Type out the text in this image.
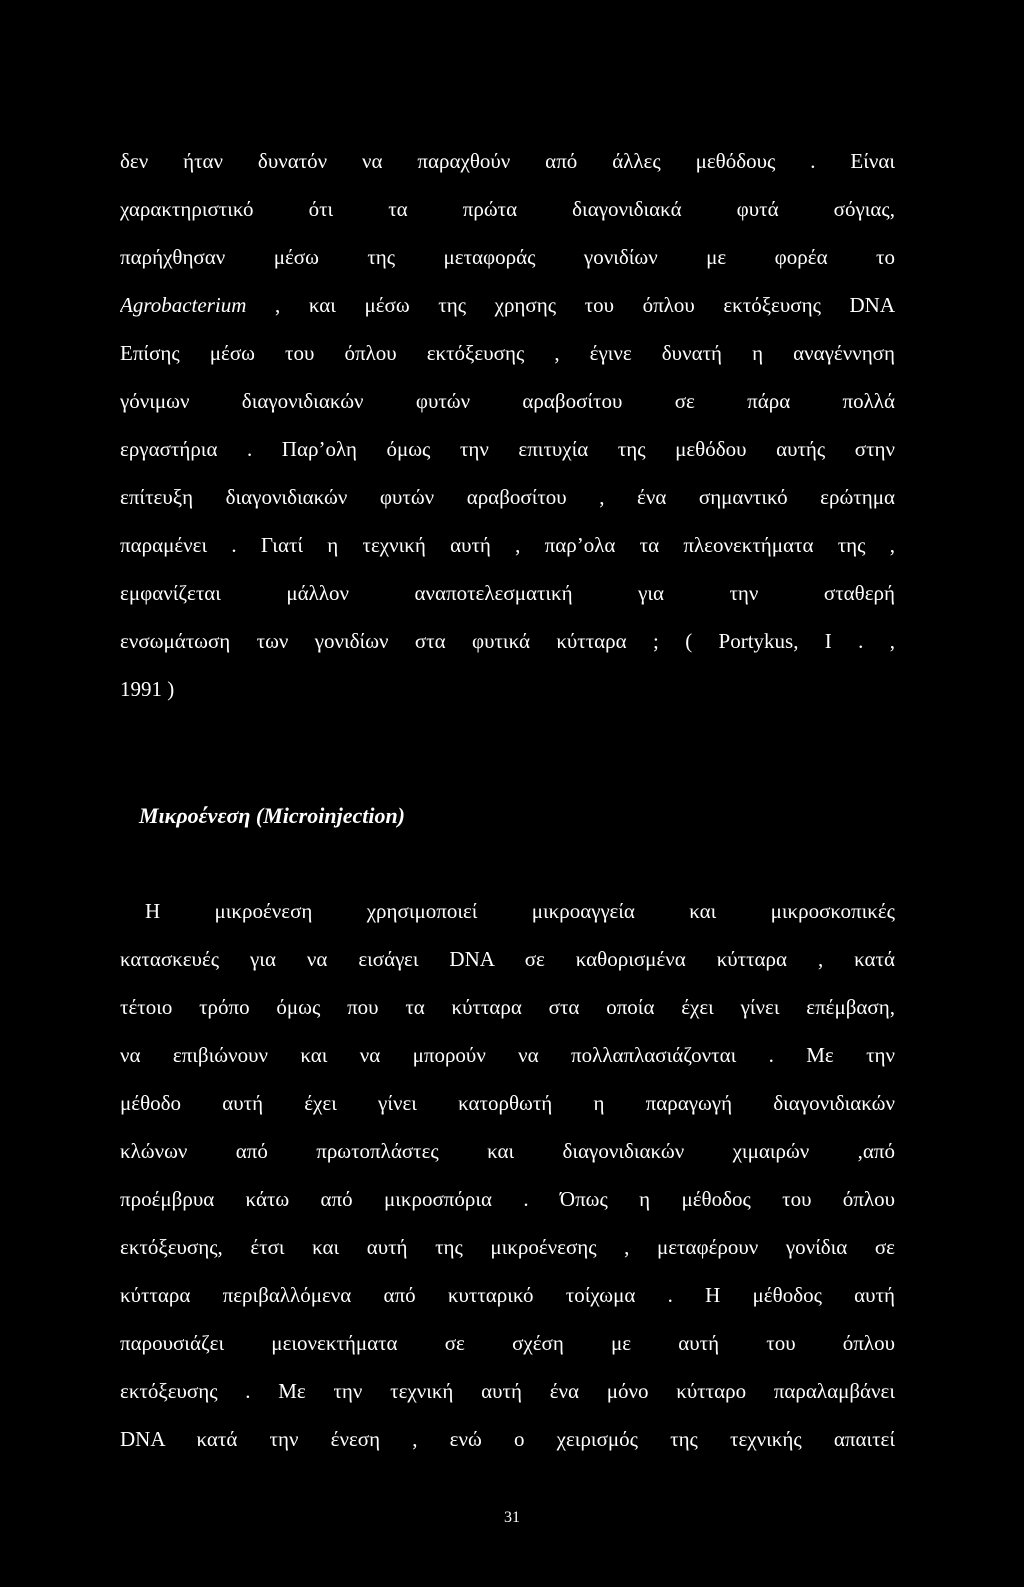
δεν ήταν δυνατόν να παραχθούν από άλλες μεθόδους . Είναι
χαρακτηριστικό ότι τα πρώτα διαγονιδιακά φυτά σόγιας,
παρήχθησαν μέσω της μεταφοράς γονιδίων με φορέα το
Agrobacterium , και μέσω της χρησης του όπλου εκτόξευσης DNA
Επίσης μέσω του όπλου εκτόξευσης , έγινε δυνατή η αναγέννηση
γόνιμων διαγονιδιακών φυτών αραβοσίτου σε πάρα πολλά
εργαστήρια . Παρ’ολη όμως την επιτυχία της μεθόδου αυτής στην
επίτευξη διαγονιδιακών φυτών αραβοσίτου , ένα σημαντικό ερώτημα
παραμένει . Γιατί η τεχνική αυτή , παρ’ολα τα πλεονεκτήματα της ,
εμφανίζεται μάλλον αναποτελεσματική για την σταθερή
ενσωμάτωση των γονιδίων στα φυτικά κύτταρα ; ( Portykus, I . ,
1991 )
Μικροένεση (Microinjection)
Η μικροένεση χρησιμοποιεί μικροαγγεία και μικροσκοπικές
κατασκευές για να εισάγει DNA σε καθορισμένα κύτταρα , κατά
τέτοιο τρόπο όμως που τα κύτταρα στα οποία έχει γίνει επέμβαση,
να επιβιώνουν και να μπορούν να πολλαπλασιάζονται . Με την
μέθοδο αυτή έχει γίνει κατορθωτή η παραγωγή διαγονιδιακών
κλώνων από πρωτοπλάστες και διαγονιδιακών χιμαιρών ,από
προέμβρυα κάτω από μικροσπόρια . Όπως η μέθοδος του όπλου
εκτόξευσης, έτσι και αυτή της μικροένεσης , μεταφέρουν γονίδια σε
κύτταρα περιβαλλόμενα από κυτταρικό τοίχωμα . Η μέθοδος αυτή
παρουσιάζει μειονεκτήματα σε σχέση με αυτή του όπλου
εκτόξευσης . Με την τεχνική αυτή ένα μόνο κύτταρο παραλαμβάνει
DNA κατά την ένεση , ενώ ο χειρισμός της τεχνικής απαιτεί
31
